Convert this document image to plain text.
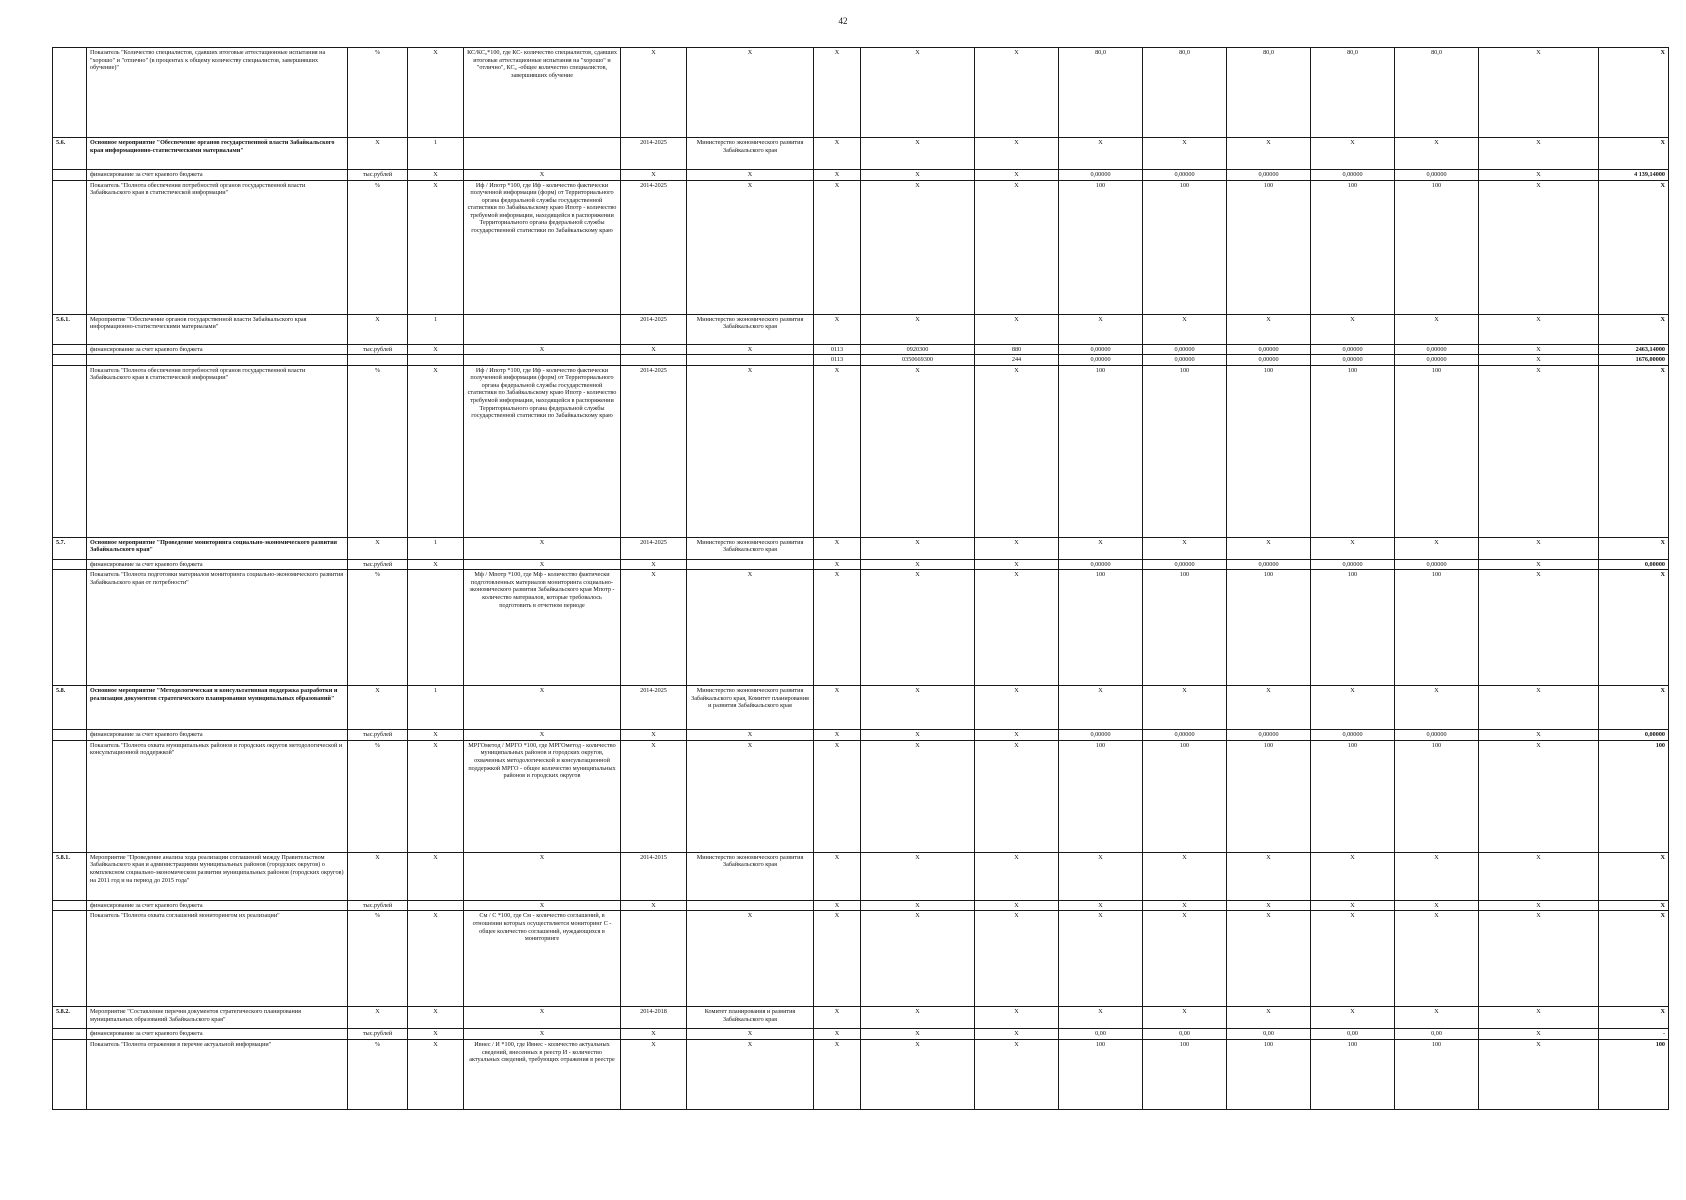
42
	Показатель "Количество специалистов, сдавших итоговые аттестационные испытания на "хорошо" и "отлично" (в процентах к общему количеству специалистов, завершивших обучение)"	%	X	КС/КС₀*100, где КС- количество специалистов, сдавших итоговые аттестационные испытания на "хорошо" и "отлично", КС₀ -общее количество специалистов, завершивших обучение	X	X	X	X	X	80,0	80,0	80,0	80,0	80,0	X	X
5.6.	Основное мероприятие "Обеспечение органов государственной власти Забайкальского края информационно-статистическими материалами"	X	1		2014-2025	Министерство экономического развития Забайкальского края	X	X	X	X	X	X	X	X	X	X
	финансирование за счет краевого бюджета	тыс.рублей	X	X	X	X	X	X	X	0,00000	0,00000	0,00000	0,00000	0,00000	X	4 139,14000
	Показатель "Полнота обеспечения потребностей органов государственной власти Забайкальского края в статистической информации"	%	X	Иф / Ипотр *100, где Иф - количество фактически полученной информации (форм) от Территориального органа федеральной службы государственной статистики по Забайкальскому краю Ипотр - количество требуемой информации, находящейся в распоряжении Территориального органа федеральной службы государственной статистики по Забайкальскому краю	2014-2025	X	X	X	X	100	100	100	100	100	X	X
5.6.1.	Мероприятие "Обеспечение органов государственной власти Забайкальского края информационно-статистическими материалами"	X	1		2014-2025	Министерство экономического развития Забайкальского края	X	X	X	X	X	X	X	X	X	X
	финансирование за счет краевого бюджета	тыс.рублей	X	X	X	X	0113	0920300	880	0,00000	0,00000	0,00000	0,00000	0,00000	X	2463,14000
							0113	0350669300	244	0,00000	0,00000	0,00000	0,00000	0,00000	X	1676,00000
	Показатель "Полнота обеспечения потребностей органов государственной власти Забайкальского края в статистической информации"	%	X	Иф / Ипотр *100, где Иф - количество фактически полученной информации (форм) от Территориального органа федеральной службы государственной статистики по Забайкальскому краю Ипотр - количество требуемой информации, находящейся в распоряжении Территориального органа федеральной службы государственной статистики по Забайкальскому краю	2014-2025	X	X	X	X	100	100	100	100	100	X	X
5.7.	Основное мероприятие "Проведение мониторинга социально-экономического развития Забайкальского края"	X	1	X	2014-2025	Министерство экономического развития Забайкальского края	X	X	X	X	X	X	X	X	X	X
	финансирование за счет краевого бюджета	тыс.рублей	X	X	X		X	X	X	0,00000	0,00000	0,00000	0,00000	0,00000	X	0,00000
	Показатель "Полнота подготовки материалов мониторинга социально-экономического развития Забайкальского края от потребности"	%		Мф / Мпотр *100, где Мф - количество фактически подготовленных материалов мониторинга социально-экономического развития Забайкальского края Мпотр - количество материалов, которые требовалось подготовить в отчетном периоде	X	X	X	X	X	100	100	100	100	100	X	X
5.8.	Основное мероприятие "Методологическая и консультативная поддержка разработки и реализации документов стратегического планирования муниципальных образований"	X	1	X	2014-2025	Министерство экономического развития Забайкальского края, Комитет планирования и развития Забайкальского края	X	X	X	X	X	X	X	X	X	X
	финансирование за счет краевого бюджета	тыс.рублей	X	X	X	X	X	X	X	0,00000	0,00000	0,00000	0,00000	0,00000	X	0,00000
	Показатель "Полнота охвата муниципальных районов и городских округов методологической и консультационной поддержкой"	%	X	МРГОметод / МРГО *100, где МРГОметод - количество муниципальных районов и городских округов, охваченных методологической и консультационной поддержкой МРГО - общее количество муниципальных районов и городских округов	X	X	X	X	X	100	100	100	100	100	X	100
5.8.1.	Мероприятие "Проведение анализа хода реализации соглашений между Правительством Забайкальского края и администрациями муниципальных районов (городских округов) о комплексном социально-экономическом развитии муниципальных районов (городских округов) на 2011 год и на период до 2015 года"	X	X	X	2014-2015	Министерство экономического развития Забайкальского края	X	X	X	X	X	X	X	X	X	X
	финансирование за счет краевого бюджета	тыс.рублей		X	X		X	X	X	X	X	X	X	X	X	X
	Показатель "Полнота охвата соглашений мониторингом их реализации"	%	X	См / С *100, где См - количество соглашений, в отношении которых осуществляется мониторинг С - общее количество соглашений, нуждающихся в мониторинге		X	X	X	X	X	X	X	X	X	X	X
5.8.2.	Мероприятие "Составление перечня документов стратегического планирования муниципальных образований Забайкальского края"	X	X	X	2014-2018	Комитет планирования и развития Забайкальского края	X	X	X	X	X	X	X	X	X	X
	финансирование за счет краевого бюджета	тыс.рублей	X	X	X	X	X	X	X	0,00	0,00	0,00	0,00	0,00	X	-
	Показатель "Полнота отражения в перечне актуальной информации"	%	X	Ивнес / И *100, где Ивнес - количество актуальных сведений, внесенных в реестр И - количество актуальных сведений, требующих отражения в реестре	X	X	X	X	X	100	100	100	100	100	X	100
